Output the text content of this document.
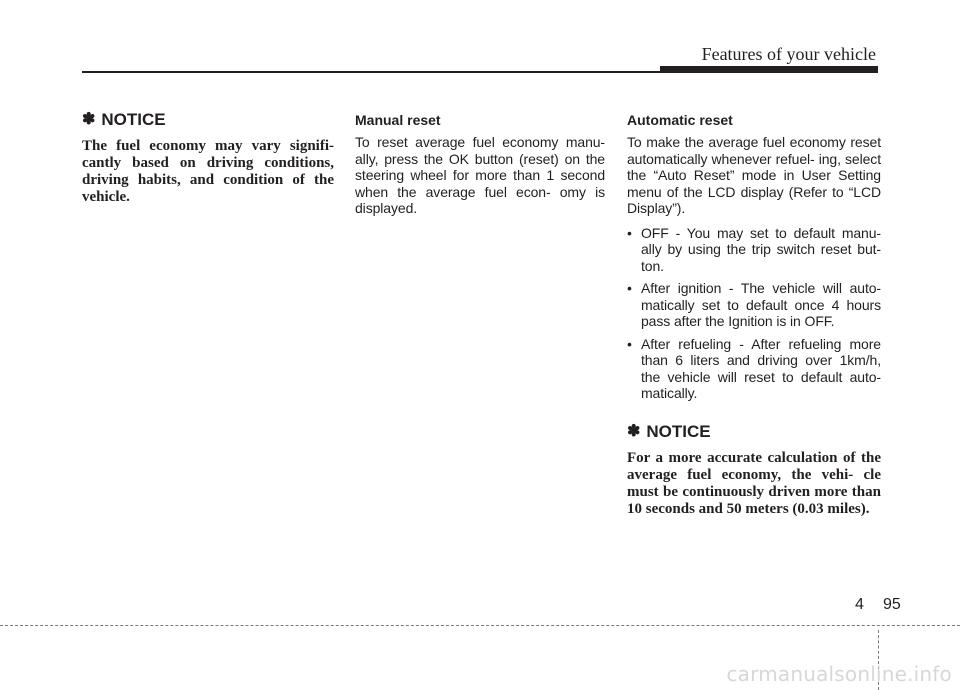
Features of your vehicle
✽ NOTICE

The fuel economy may vary signifi- cantly based on driving conditions, driving habits, and condition of the vehicle.

Manual reset

To reset average fuel economy manu- ally, press the OK button (reset) on the steering wheel for more than 1 second when the average fuel econ- omy is displayed.

Automatic reset

To make the average fuel economy reset automatically whenever refuel- ing, select the “Auto Reset” mode in User Setting menu of the LCD display (Refer to “LCD Display”).

• OFF - You may set to default manu- ally by using the trip switch reset but- ton.
• After ignition - The vehicle will auto- matically set to default once 4 hours pass after the Ignition is in OFF.
• After refueling - After refueling more than 6 liters and driving over 1km/h, the vehicle will reset to default auto- matically.
✽ NOTICE

For a more accurate calculation of the average fuel economy, the vehi- cle must be continuously driven more than 10 seconds and 50 meters (0.03 miles).

4 95
carmanualsonline.info
